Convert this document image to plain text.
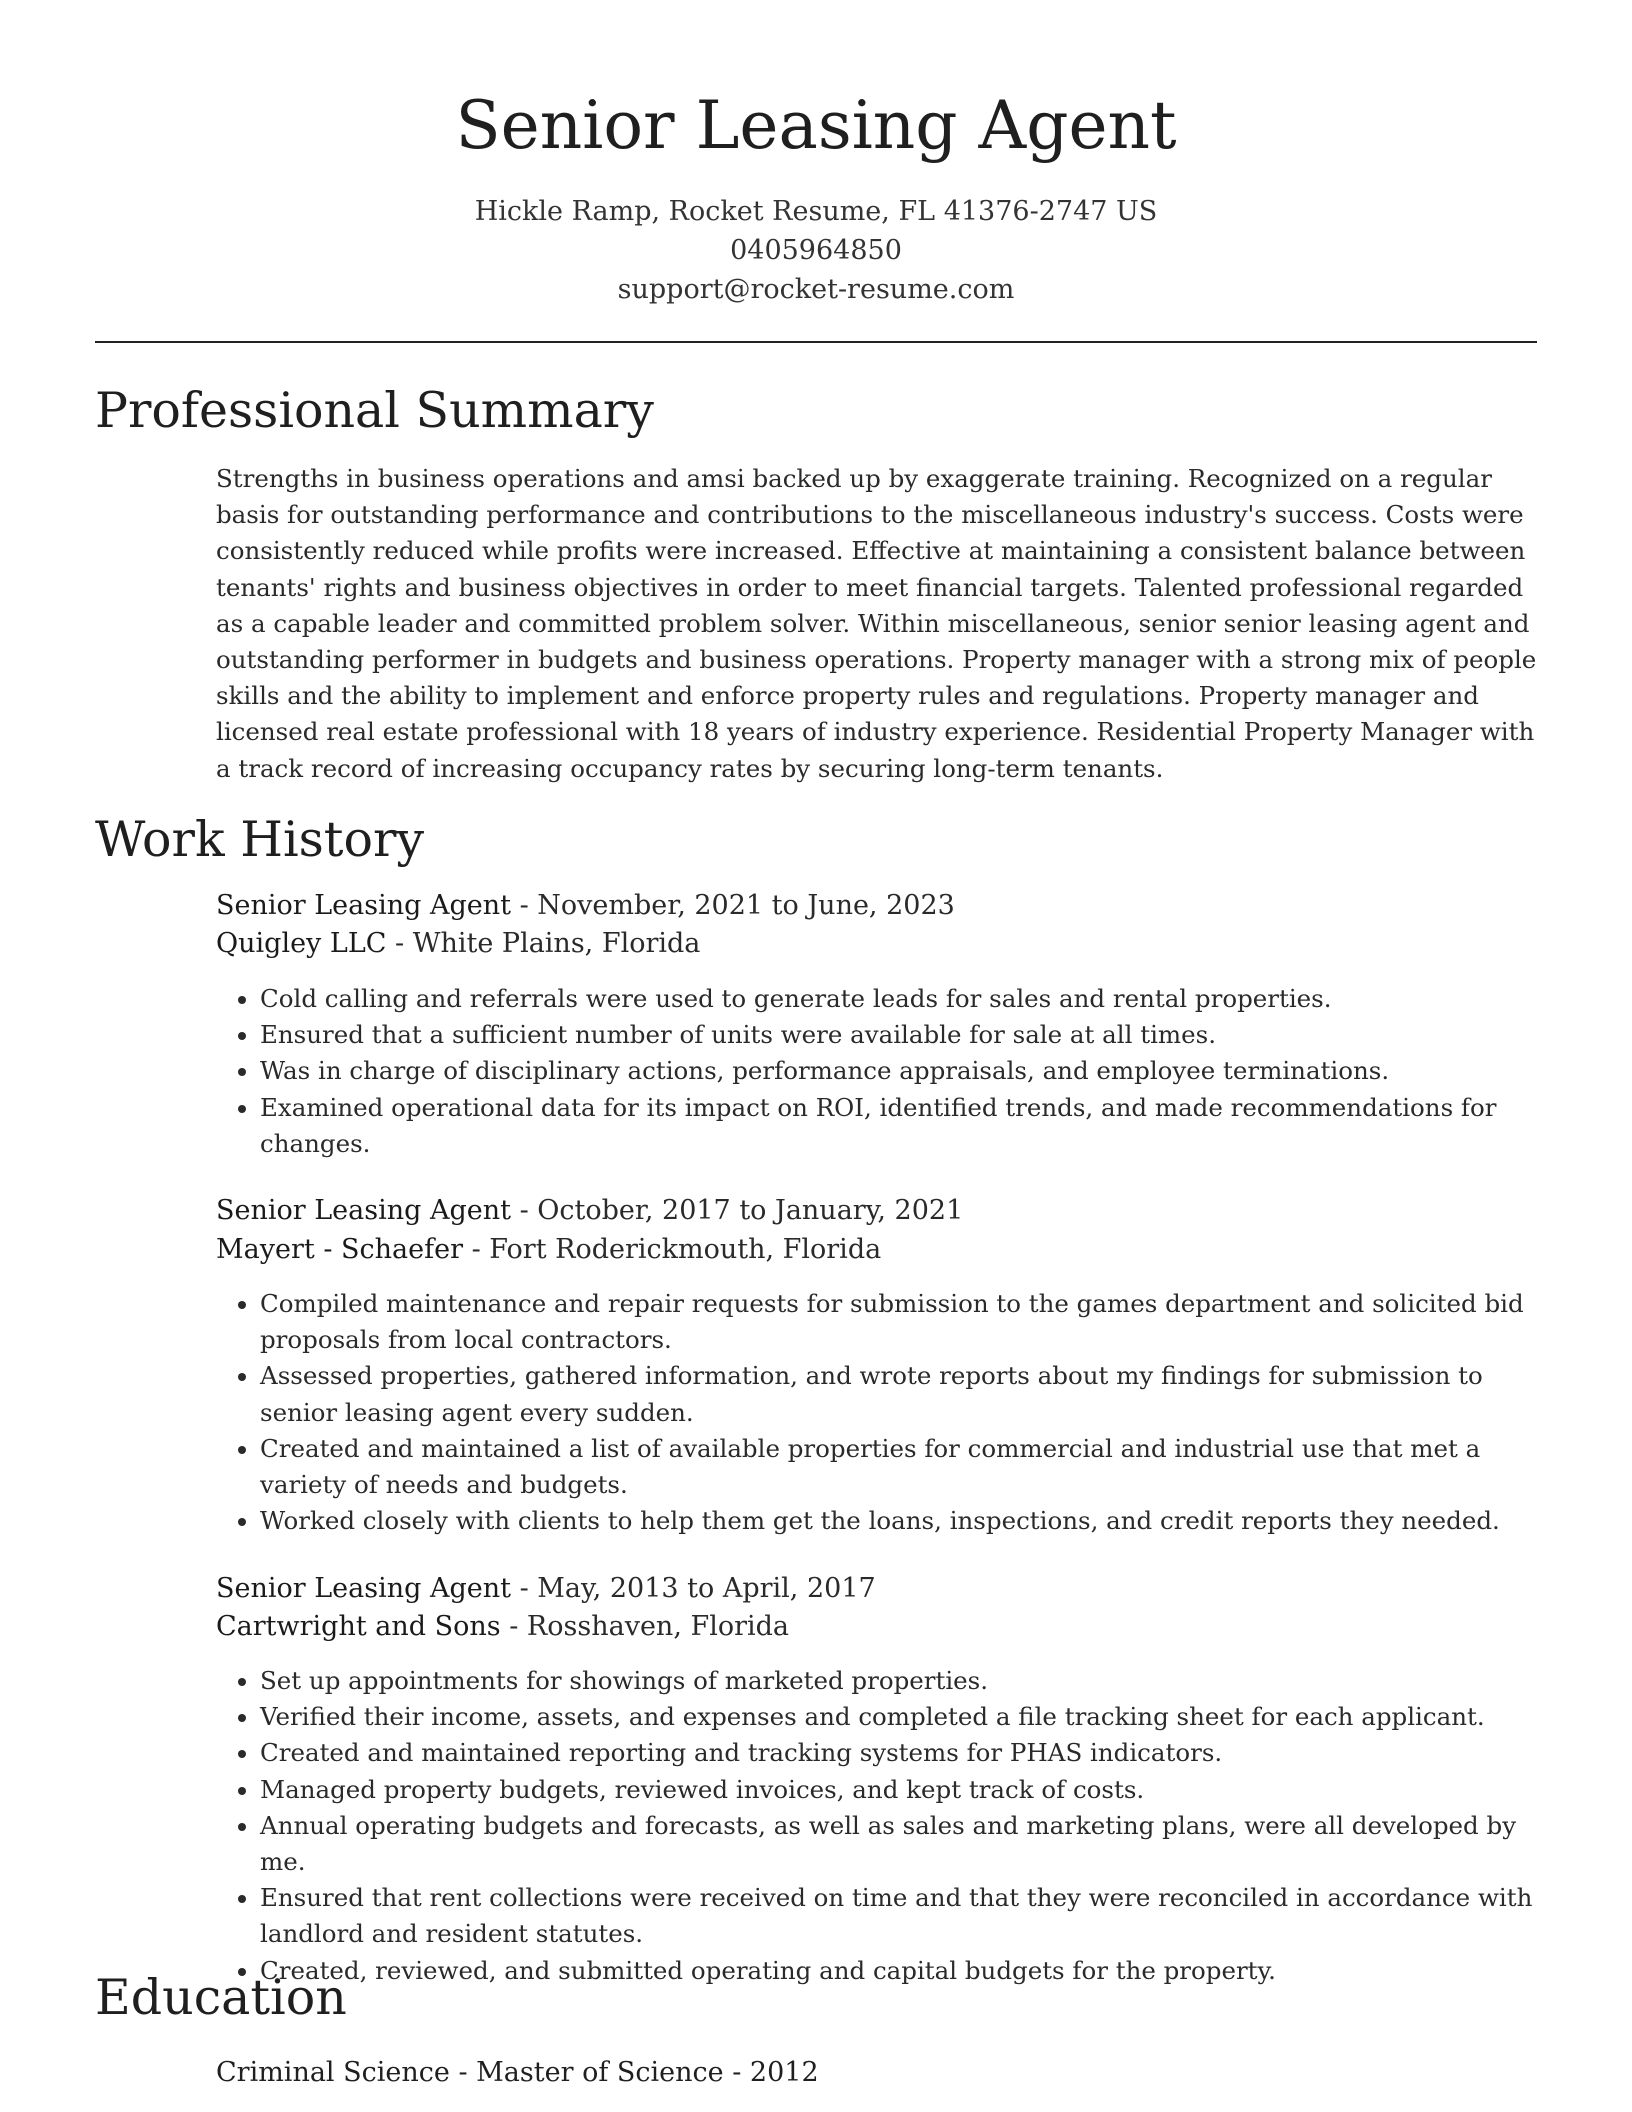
Senior Leasing Agent
Hickle Ramp, Rocket Resume, FL 41376-2747 US
0405964850
support@rocket-resume.com
Professional Summary
Strengths in business operations and amsi backed up by exaggerate training. Recognized on a regular basis for outstanding performance and contributions to the miscellaneous industry's success. Costs were consistently reduced while profits were increased. Effective at maintaining a consistent balance between tenants' rights and business objectives in order to meet financial targets. Talented professional regarded as a capable leader and committed problem solver. Within miscellaneous, senior senior leasing agent and outstanding performer in budgets and business operations. Property manager with a strong mix of people skills and the ability to implement and enforce property rules and regulations. Property manager and licensed real estate professional with 18 years of industry experience. Residential Property Manager with a track record of increasing occupancy rates by securing long-term tenants.
Work History
Senior Leasing Agent - November, 2021 to June, 2023
Quigley LLC - White Plains, Florida
• Cold calling and referrals were used to generate leads for sales and rental properties.
• Ensured that a sufficient number of units were available for sale at all times.
• Was in charge of disciplinary actions, performance appraisals, and employee terminations.
• Examined operational data for its impact on ROI, identified trends, and made recommendations for changes.
Senior Leasing Agent - October, 2017 to January, 2021
Mayert - Schaefer - Fort Roderickmouth, Florida
• Compiled maintenance and repair requests for submission to the games department and solicited bid proposals from local contractors.
• Assessed properties, gathered information, and wrote reports about my findings for submission to senior leasing agent every sudden.
• Created and maintained a list of available properties for commercial and industrial use that met a variety of needs and budgets.
• Worked closely with clients to help them get the loans, inspections, and credit reports they needed.
Senior Leasing Agent - May, 2013 to April, 2017
Cartwright and Sons - Rosshaven, Florida
• Set up appointments for showings of marketed properties.
• Verified their income, assets, and expenses and completed a file tracking sheet for each applicant.
• Created and maintained reporting and tracking systems for PHAS indicators.
• Managed property budgets, reviewed invoices, and kept track of costs.
• Annual operating budgets and forecasts, as well as sales and marketing plans, were all developed by me.
• Ensured that rent collections were received on time and that they were reconciled in accordance with landlord and resident statutes.
• Created, reviewed, and submitted operating and capital budgets for the property.
Education
Criminal Science - Master of Science - 2012
